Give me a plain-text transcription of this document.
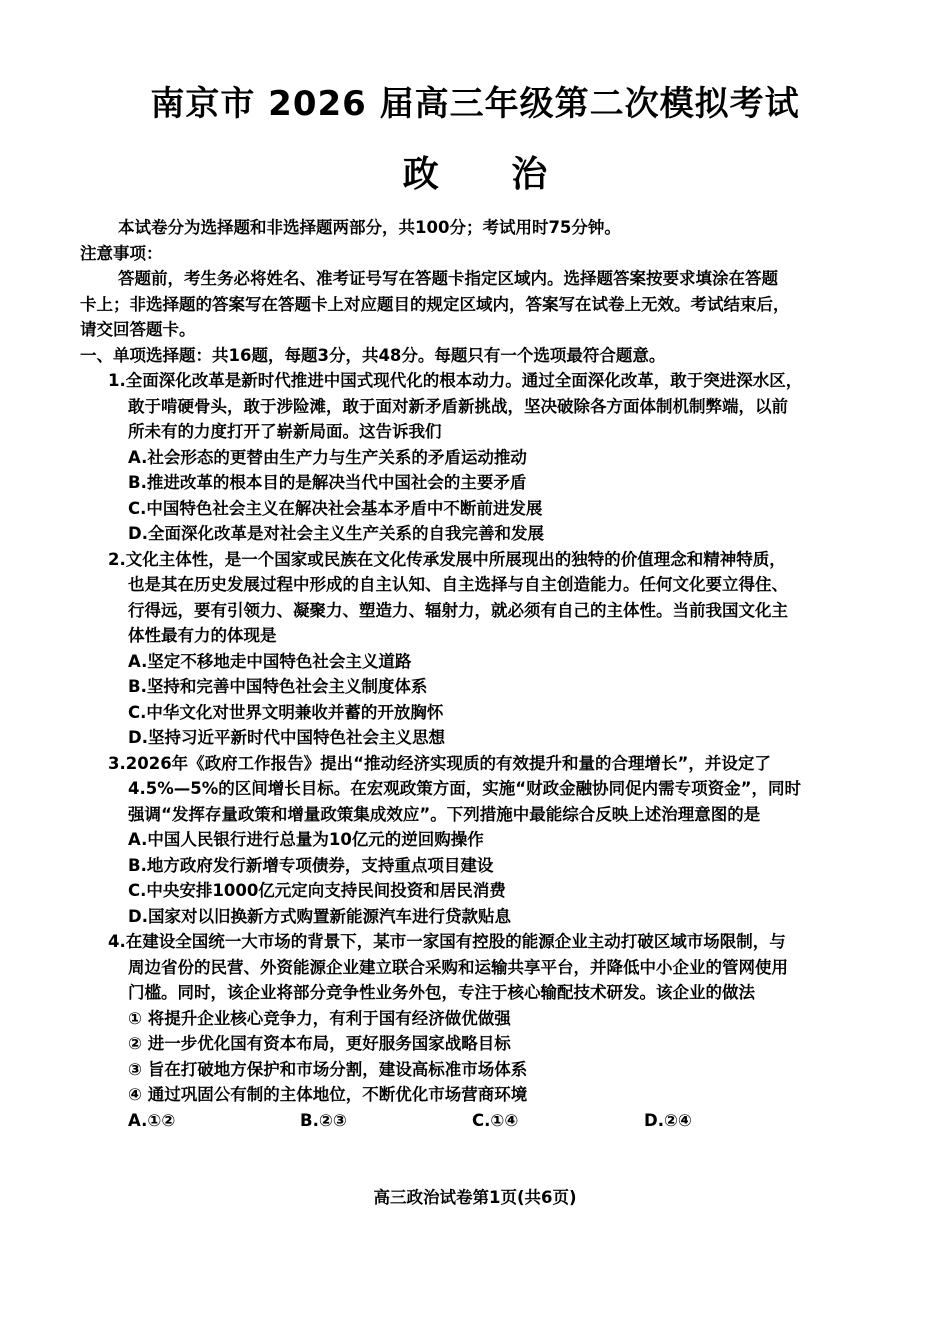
南京市 2026 届高三年级第二次模拟考试
政 治
本试卷分为选择题和非选择题两部分，共100分；考试用时75分钟。
注意事项：
答题前，考生务必将姓名、准考证号写在答题卡指定区域内。选择题答案按要求填涂在答题
卡上；非选择题的答案写在答题卡上对应题目的规定区域内，答案写在试卷上无效。考试结束后，
请交回答题卡。
一、单项选择题：共16题，每题3分，共48分。每题只有一个选项最符合题意。
1.全面深化改革是新时代推进中国式现代化的根本动力。通过全面深化改革，敢于突进深水区，
敢于啃硬骨头，敢于涉险滩，敢于面对新矛盾新挑战，坚决破除各方面体制机制弊端，以前
所未有的力度打开了崭新局面。这告诉我们
A.社会形态的更替由生产力与生产关系的矛盾运动推动
B.推进改革的根本目的是解决当代中国社会的主要矛盾
C.中国特色社会主义在解决社会基本矛盾中不断前进发展
D.全面深化改革是对社会主义生产关系的自我完善和发展
2.文化主体性，是一个国家或民族在文化传承发展中所展现出的独特的价值理念和精神特质，
也是其在历史发展过程中形成的自主认知、自主选择与自主创造能力。任何文化要立得住、
行得远，要有引领力、凝聚力、塑造力、辐射力，就必须有自己的主体性。当前我国文化主
体性最有力的体现是
A.坚定不移地走中国特色社会主义道路
B.坚持和完善中国特色社会主义制度体系
C.中华文化对世界文明兼收并蓄的开放胸怀
D.坚持习近平新时代中国特色社会主义思想
3.2026年《政府工作报告》提出“推动经济实现质的有效提升和量的合理增长”，并设定了
4.5%—5%的区间增长目标。在宏观政策方面，实施“财政金融协同促内需专项资金”，同时
强调“发挥存量政策和增量政策集成效应”。下列措施中最能综合反映上述治理意图的是
A.中国人民银行进行总量为10亿元的逆回购操作
B.地方政府发行新增专项债券，支持重点项目建设
C.中央安排1000亿元定向支持民间投资和居民消费
D.国家对以旧换新方式购置新能源汽车进行贷款贴息
4.在建设全国统一大市场的背景下，某市一家国有控股的能源企业主动打破区域市场限制，与
周边省份的民营、外资能源企业建立联合采购和运输共享平台，并降低中小企业的管网使用
门槛。同时，该企业将部分竞争性业务外包，专注于核心输配技术研发。该企业的做法
① 将提升企业核心竞争力，有利于国有经济做优做强
② 进一步优化国有资本布局，更好服务国家战略目标
③ 旨在打破地方保护和市场分割，建设高标准市场体系
④ 通过巩固公有制的主体地位，不断优化市场营商环境
A.①②	B.②③	C.①④	D.②④
高三政治试卷第1页(共6页)
